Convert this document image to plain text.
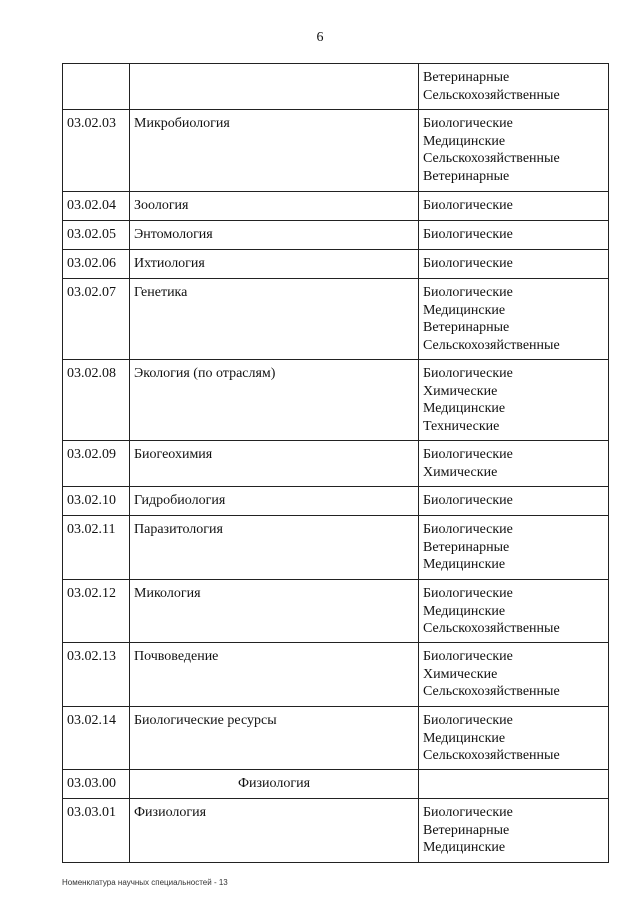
6

		Ветеринарные
Сельскохозяйственные

03.02.03	Микробиология	Биологические
Медицинские
Сельскохозяйственные
Ветеринарные

03.02.04	Зоология	Биологические

03.02.05	Энтомология	Биологические

03.02.06	Ихтиология	Биологические

03.02.07	Генетика	Биологические
Медицинские
Ветеринарные
Сельскохозяйственные

03.02.08	Экология (по отраслям)	Биологические
Химические
Медицинские
Технические

03.02.09	Биогеохимия	Биологические
Химические

03.02.10	Гидробиология	Биологические

03.02.11	Паразитология	Биологические
Ветеринарные
Медицинские

03.02.12	Микология	Биологические
Медицинские
Сельскохозяйственные

03.02.13	Почвоведение	Биологические
Химические
Сельскохозяйственные

03.02.14	Биологические ресурсы	Биологические
Медицинские
Сельскохозяйственные

03.03.00	Физиология	
03.03.01	Физиология	Биологические
Ветеринарные
Медицинские
Номенклатура научных специальностей - 13
